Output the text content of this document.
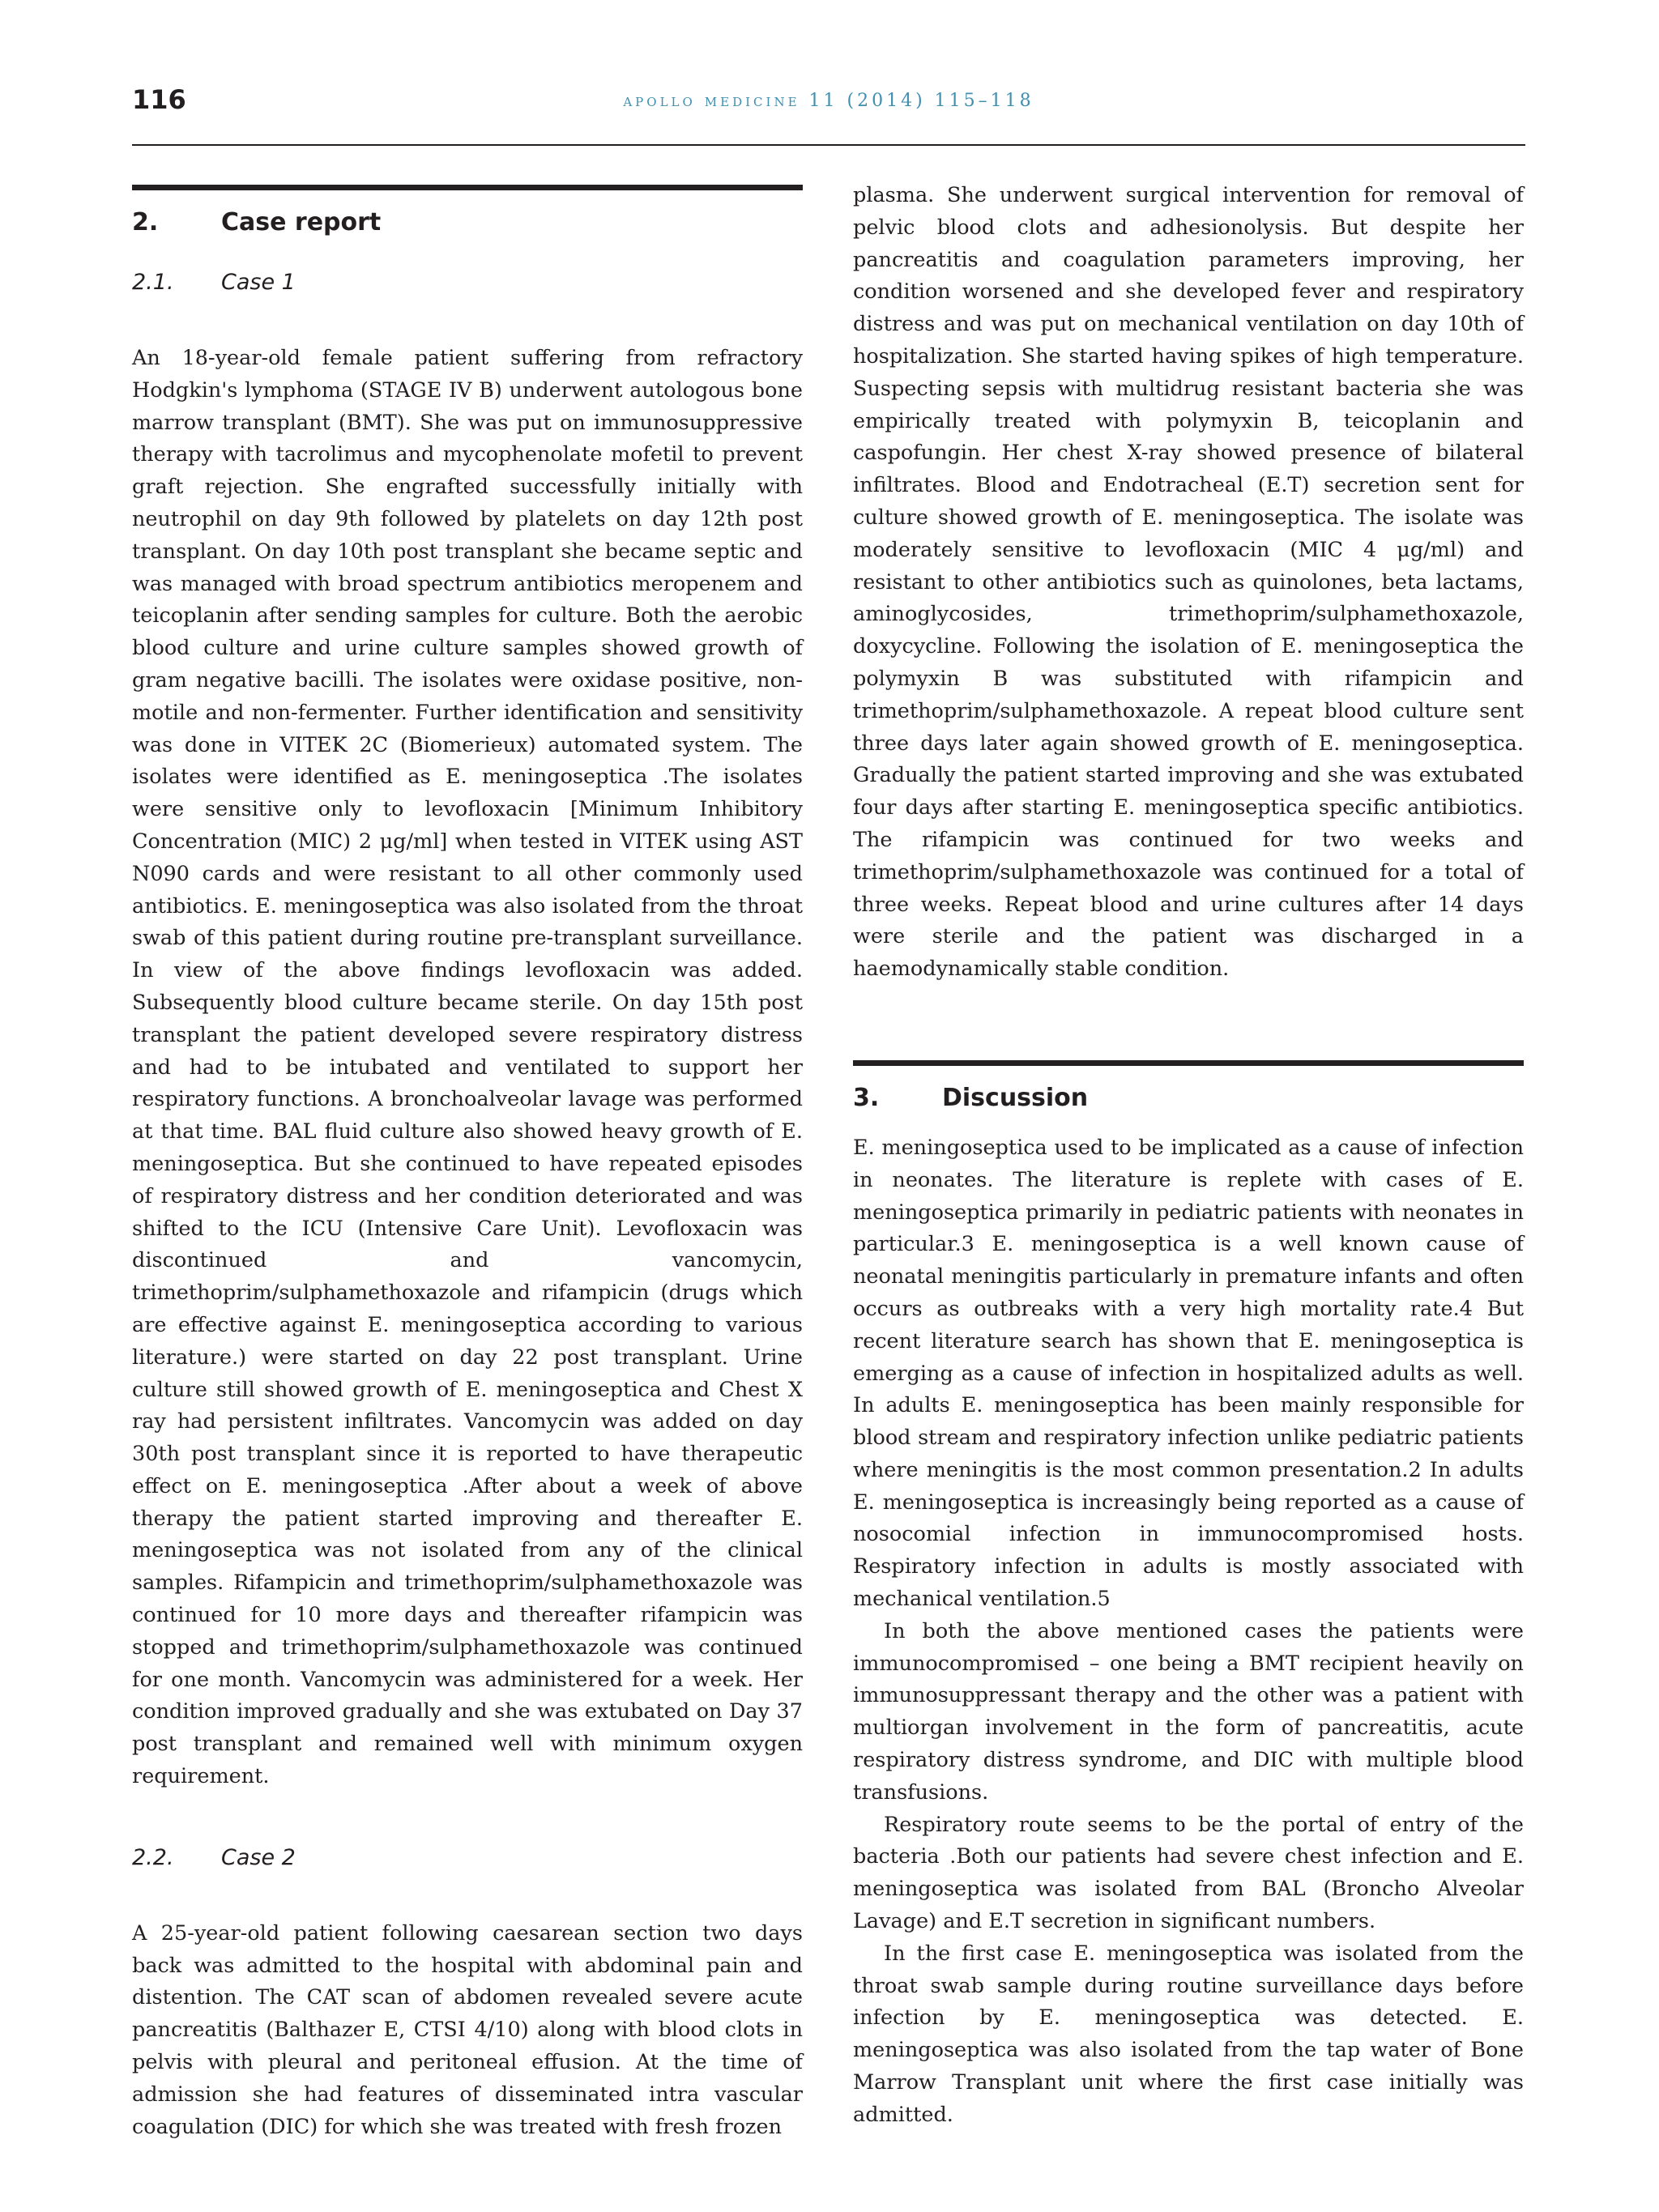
116	apollo medicine 11 (2014) 115–118
2.	Case report
2.1. Case 1

An 18-year-old female patient suffering from refractory Hodgkin's lymphoma (STAGE IV B) underwent autologous bone marrow transplant (BMT). She was put on immunosuppressive therapy with tacrolimus and mycophenolate mofetil to prevent graft rejection. She engrafted successfully initially with neutrophil on day 9th followed by platelets on day 12th post transplant. On day 10th post transplant she became septic and was managed with broad spectrum antibiotics meropenem and teicoplanin after sending samples for culture. Both the aerobic blood culture and urine culture samples showed growth of gram negative bacilli. The isolates were oxidase positive, non-motile and non-fermenter. Further identification and sensitivity was done in VITEK 2C (Biomerieux) automated system. The isolates were identified as E. meningoseptica .The isolates were sensitive only to levofloxacin [Minimum Inhibitory Concentration (MIC) 2 μg/ml] when tested in VITEK using AST N090 cards and were resistant to all other commonly used antibiotics. E. meningoseptica was also isolated from the throat swab of this patient during routine pre-transplant surveillance. In view of the above findings levofloxacin was added. Subsequently blood culture became sterile. On day 15th post transplant the patient developed severe respiratory distress and had to be intubated and ventilated to support her respiratory functions. A bronchoalveolar lavage was performed at that time. BAL fluid culture also showed heavy growth of E. meningoseptica. But she continued to have repeated episodes of respiratory distress and her condition deteriorated and was shifted to the ICU (Intensive Care Unit). Levofloxacin was discontinued and vancomycin, trimethoprim/sulphamethoxazole and rifampicin (drugs which are effective against E. meningoseptica according to various literature.) were started on day 22 post transplant. Urine culture still showed growth of E. meningoseptica and Chest X ray had persistent infiltrates. Vancomycin was added on day 30th post transplant since it is reported to have therapeutic effect on E. meningoseptica .After about a week of above therapy the patient started improving and thereafter E. meningoseptica was not isolated from any of the clinical samples. Rifampicin and trimethoprim/sulphamethoxazole was continued for 10 more days and thereafter rifampicin was stopped and trimethoprim/sulphamethoxazole was continued for one month. Vancomycin was administered for a week. Her condition improved gradually and she was extubated on Day 37 post transplant and remained well with minimum oxygen requirement.

2.2. Case 2

A 25-year-old patient following caesarean section two days back was admitted to the hospital with abdominal pain and distention. The CAT scan of abdomen revealed severe acute pancreatitis (Balthazer E, CTSI 4/10) along with blood clots in pelvis with pleural and peritoneal effusion. At the time of admission she had features of disseminated intra vascular coagulation (DIC) for which she was treated with fresh frozen

plasma. She underwent surgical intervention for removal of pelvic blood clots and adhesionolysis. But despite her pancreatitis and coagulation parameters improving, her condition worsened and she developed fever and respiratory distress and was put on mechanical ventilation on day 10th of hospitalization. She started having spikes of high temperature. Suspecting sepsis with multidrug resistant bacteria she was empirically treated with polymyxin B, teicoplanin and caspofungin. Her chest X-ray showed presence of bilateral infiltrates. Blood and Endotracheal (E.T) secretion sent for culture showed growth of E. meningoseptica. The isolate was moderately sensitive to levofloxacin (MIC 4 μg/ml) and resistant to other antibiotics such as quinolones, beta lactams, aminoglycosides, trimethoprim/sulphamethoxazole, doxycycline. Following the isolation of E. meningoseptica the polymyxin B was substituted with rifampicin and trimethoprim/sulphamethoxazole. A repeat blood culture sent three days later again showed growth of E. meningoseptica. Gradually the patient started improving and she was extubated four days after starting E. meningoseptica specific antibiotics. The rifampicin was continued for two weeks and trimethoprim/sulphamethoxazole was continued for a total of three weeks. Repeat blood and urine cultures after 14 days were sterile and the patient was discharged in a haemodynamically stable condition.

3.	Discussion

E. meningoseptica used to be implicated as a cause of infection in neonates. The literature is replete with cases of E. meningoseptica primarily in pediatric patients with neonates in particular.3 E. meningoseptica is a well known cause of neonatal meningitis particularly in premature infants and often occurs as outbreaks with a very high mortality rate.4 But recent literature search has shown that E. meningoseptica is emerging as a cause of infection in hospitalized adults as well. In adults E. meningoseptica has been mainly responsible for blood stream and respiratory infection unlike pediatric patients where meningitis is the most common presentation.2 In adults E. meningoseptica is increasingly being reported as a cause of nosocomial infection in immunocompromised hosts. Respiratory infection in adults is mostly associated with mechanical ventilation.5

In both the above mentioned cases the patients were immunocompromised – one being a BMT recipient heavily on immunosuppressant therapy and the other was a patient with multiorgan involvement in the form of pancreatitis, acute respiratory distress syndrome, and DIC with multiple blood transfusions.

Respiratory route seems to be the portal of entry of the bacteria .Both our patients had severe chest infection and E. meningoseptica was isolated from BAL (Broncho Alveolar Lavage) and E.T secretion in significant numbers.

In the first case E. meningoseptica was isolated from the throat swab sample during routine surveillance days before infection by E. meningoseptica was detected. E. meningoseptica was also isolated from the tap water of Bone Marrow Transplant unit where the first case initially was admitted.
